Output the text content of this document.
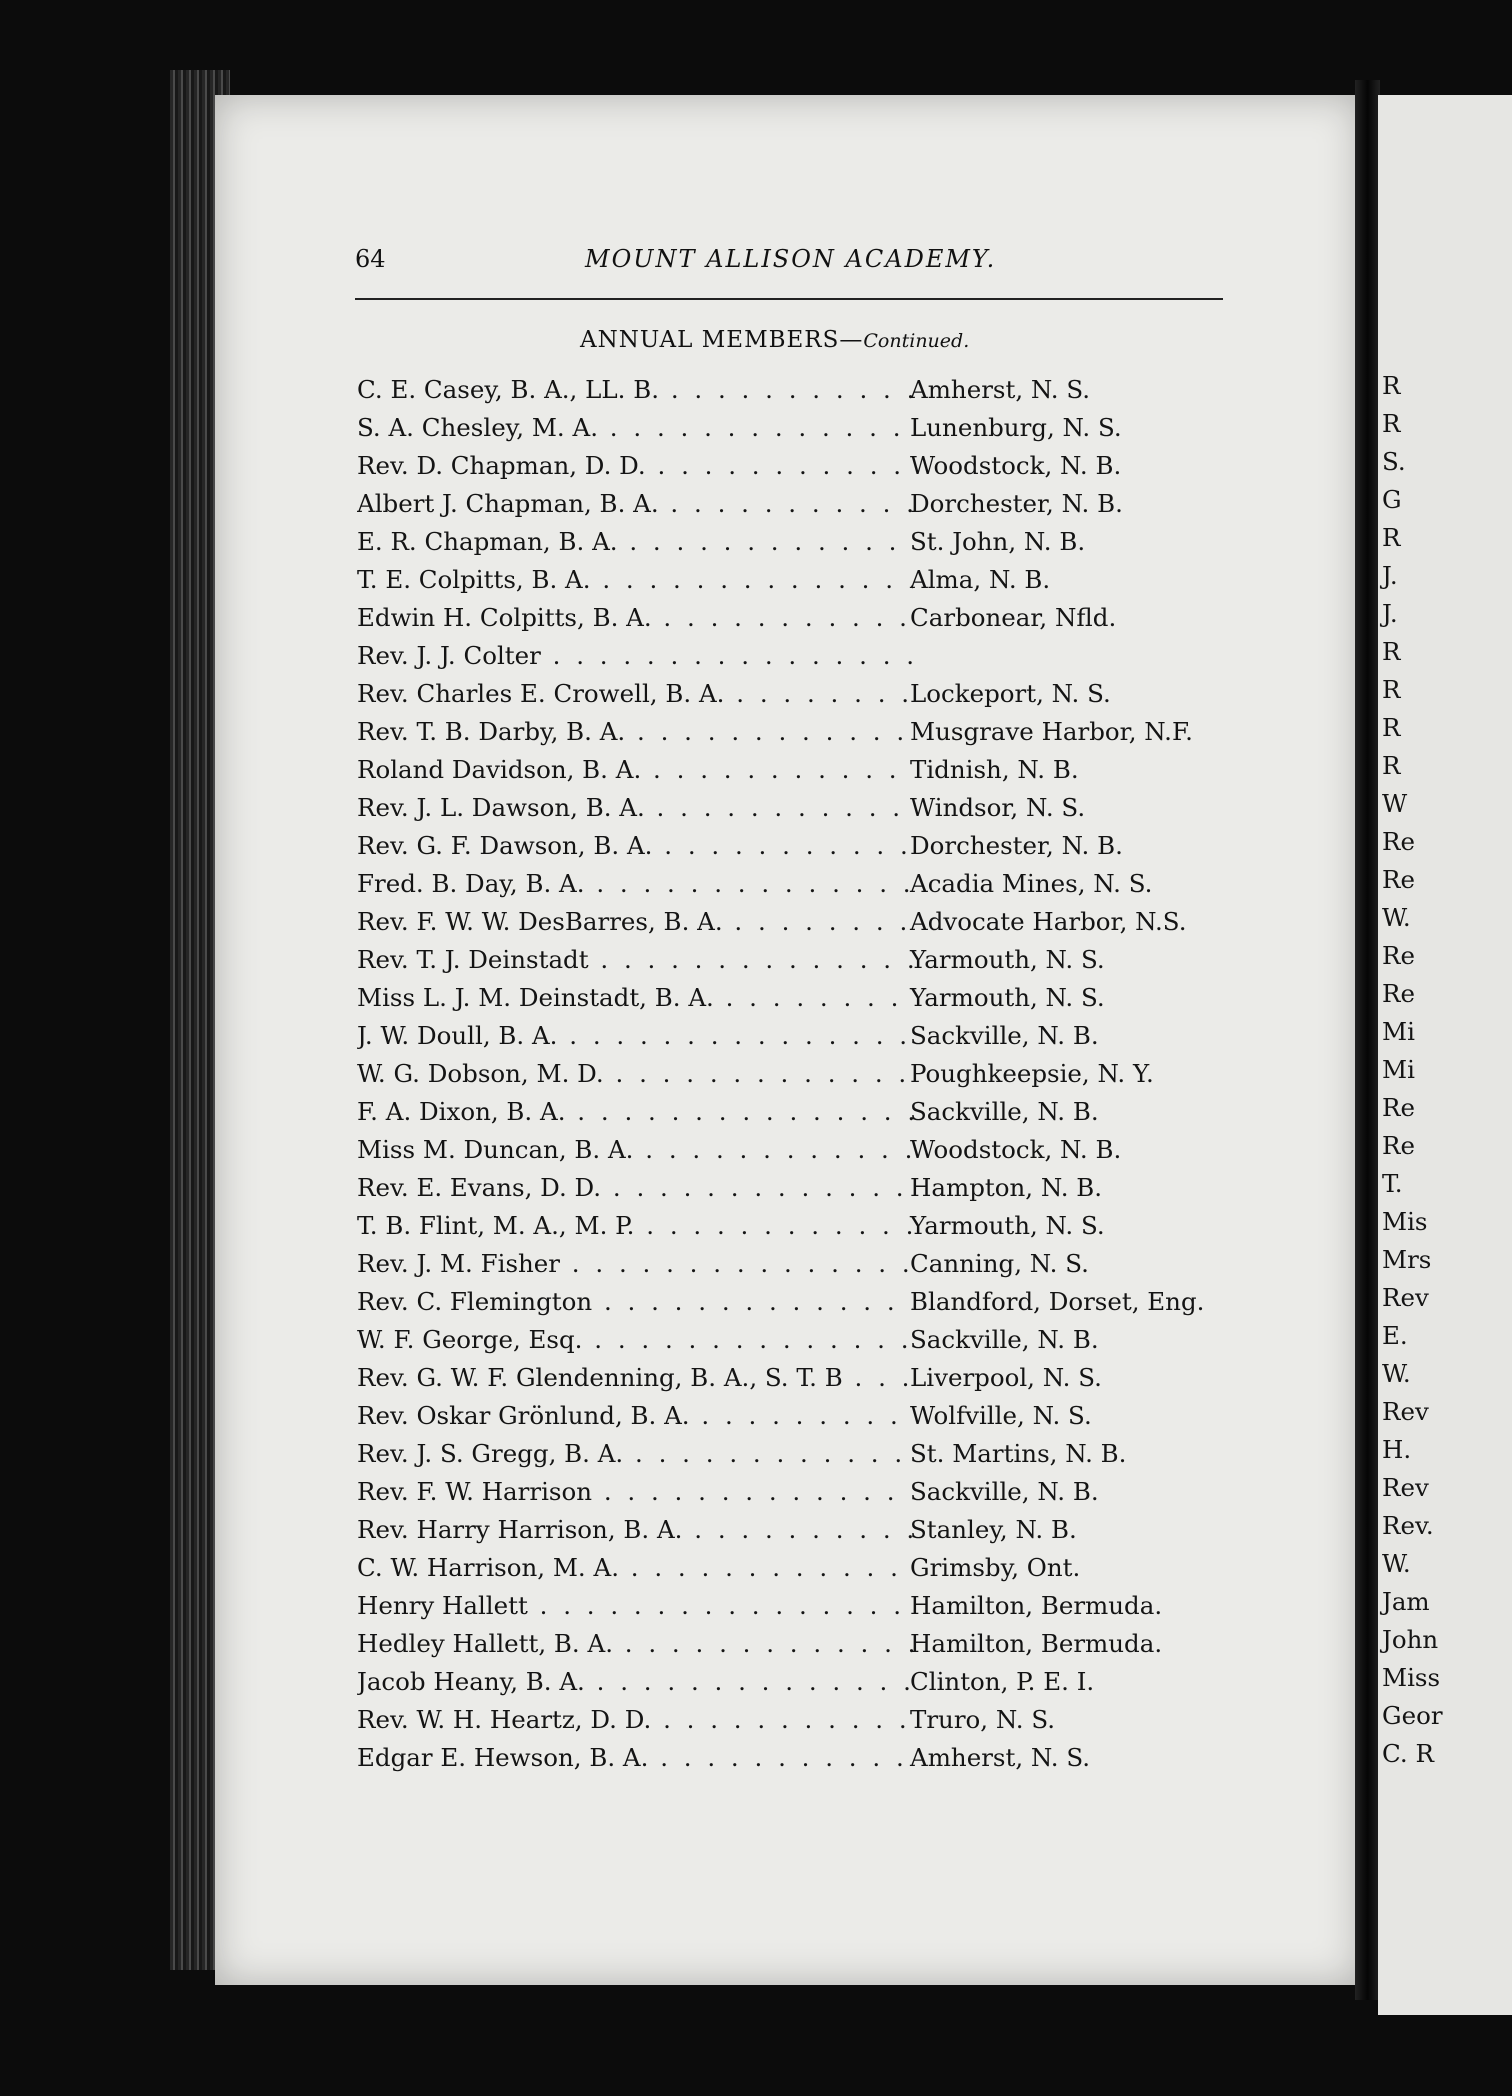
64	MOUNT ALLISON ACADEMY.
ANNUAL MEMBERS—Continued.
C. E. Casey, B. A., LL. B. . . .	Amherst, N. S.
S. A. Chesley, M. A. . . .	Lunenburg, N. S.
Rev. D. Chapman, D. D. . . .	Woodstock, N. B.
Albert J. Chapman, B. A. . . .	Dorchester, N. B.
E. R. Chapman, B. A. . . .	St. John, N. B.
T. E. Colpitts, B. A. . . .	Alma, N. B.
Edwin H. Colpitts, B. A. . . .	Carbonear, Nfld.
Rev. J. J. Colter . . .
Rev. Charles E. Crowell, B. A. . . .	Lockeport, N. S.
Rev. T. B. Darby, B. A. . . .	Musgrave Harbor, N.F.
Roland Davidson, B. A. . . .	Tidnish, N. B.
Rev. J. L. Dawson, B. A. . . .	Windsor, N. S.
Rev. G. F. Dawson, B. A. . . .	Dorchester, N. B.
Fred. B. Day, B. A. . . .	Acadia Mines, N. S.
Rev. F. W. W. DesBarres, B. A. . . .	Advocate Harbor, N.S.
Rev. T. J. Deinstadt . . .	Yarmouth, N. S.
Miss L. J. M. Deinstadt, B. A. . . .	Yarmouth, N. S.
J. W. Doull, B. A. . . .	Sackville, N. B.
W. G. Dobson, M. D. . . .	Poughkeepsie, N. Y.
F. A. Dixon, B. A. . . .	Sackville, N. B.
Miss M. Duncan, B. A. . . .	Woodstock, N. B.
Rev. E. Evans, D. D. . . .	Hampton, N. B.
T. B. Flint, M. A., M. P. . . .	Yarmouth, N. S.
Rev. J. M. Fisher . . .	Canning, N. S.
Rev. C. Flemington . . .	Blandford, Dorset, Eng.
W. F. George, Esq. . . .	Sackville, N. B.
Rev. G. W. F. Glendenning, B. A., S. T. B . . .	Liverpool, N. S.
Rev. Oskar Grönlund, B. A. . . .	Wolfville, N. S.
Rev. J. S. Gregg, B. A. . . .	St. Martins, N. B.
Rev. F. W. Harrison . . .	Sackville, N. B.
Rev. Harry Harrison, B. A. . . .	Stanley, N. B.
C. W. Harrison, M. A. . . .	Grimsby, Ont.
Henry Hallett . . .	Hamilton, Bermuda.
Hedley Hallett, B. A. . . .	Hamilton, Bermuda.
Jacob Heany, B. A. . . .	Clinton, P. E. I.
Rev. W. H. Heartz, D. D. . . .	Truro, N. S.
Edgar E. Hewson, B. A. . . .	Amherst, N. S.
R
R
S.
G
R
J.
J.
R
R
R
R
W
Re
Re
W.
Re
Re
Mi
Mi
Re
Re
T.
Mis
Mrs
Rev
E.
W.
Rev
H.
Rev
Rev.
W.
Jam
John
Miss
Geor
C. R
